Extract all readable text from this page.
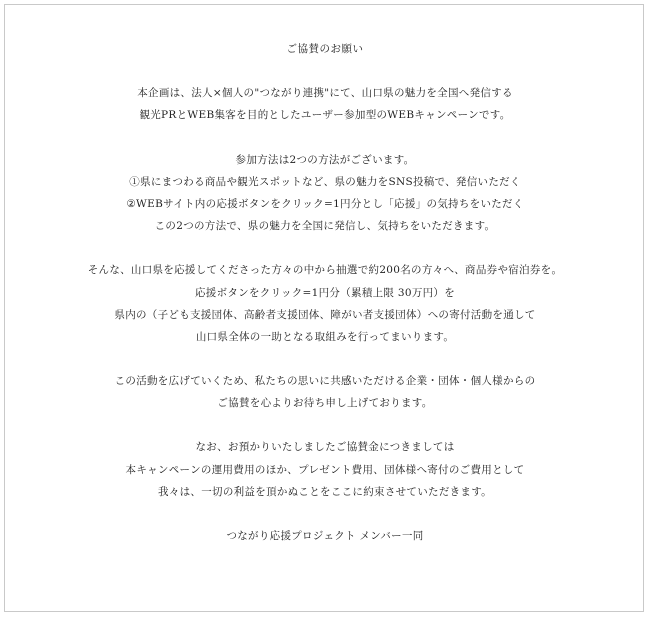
ご協賛のお願い
本企画は、法人×個人の"つながり連携"にて、山口県の魅力を全国へ発信する
観光PRとWEB集客を目的としたユーザー参加型のWEBキャンペーンです。
参加方法は2つの方法がございます。
①県にまつわる商品や観光スポットなど、県の魅力をSNS投稿で、発信いただく
②WEBサイト内の応援ボタンをクリック=1円分とし「応援」の気持ちをいただく
この2つの方法で、県の魅力を全国に発信し、気持ちをいただきます。
そんな、山口県を応援してくださった方々の中から抽選で約200名の方々へ、商品券や宿泊券を。
応援ボタンをクリック=1円分（累積上限 30万円）を
県内の（子ども支援団体、高齢者支援団体、障がい者支援団体）への寄付活動を通して
山口県全体の一助となる取組みを行ってまいります。
この活動を広げていくため、私たちの思いに共感いただける企業・団体・個人様からの
ご協賛を心よりお待ち申し上げております。
なお、お預かりいたしましたご協賛金につきましては
本キャンペーンの運用費用のほか、プレゼント費用、団体様へ寄付のご費用として
我々は、一切の利益を頂かぬことをここに約束させていただきます。
つながり応援プロジェクト メンバー一同
